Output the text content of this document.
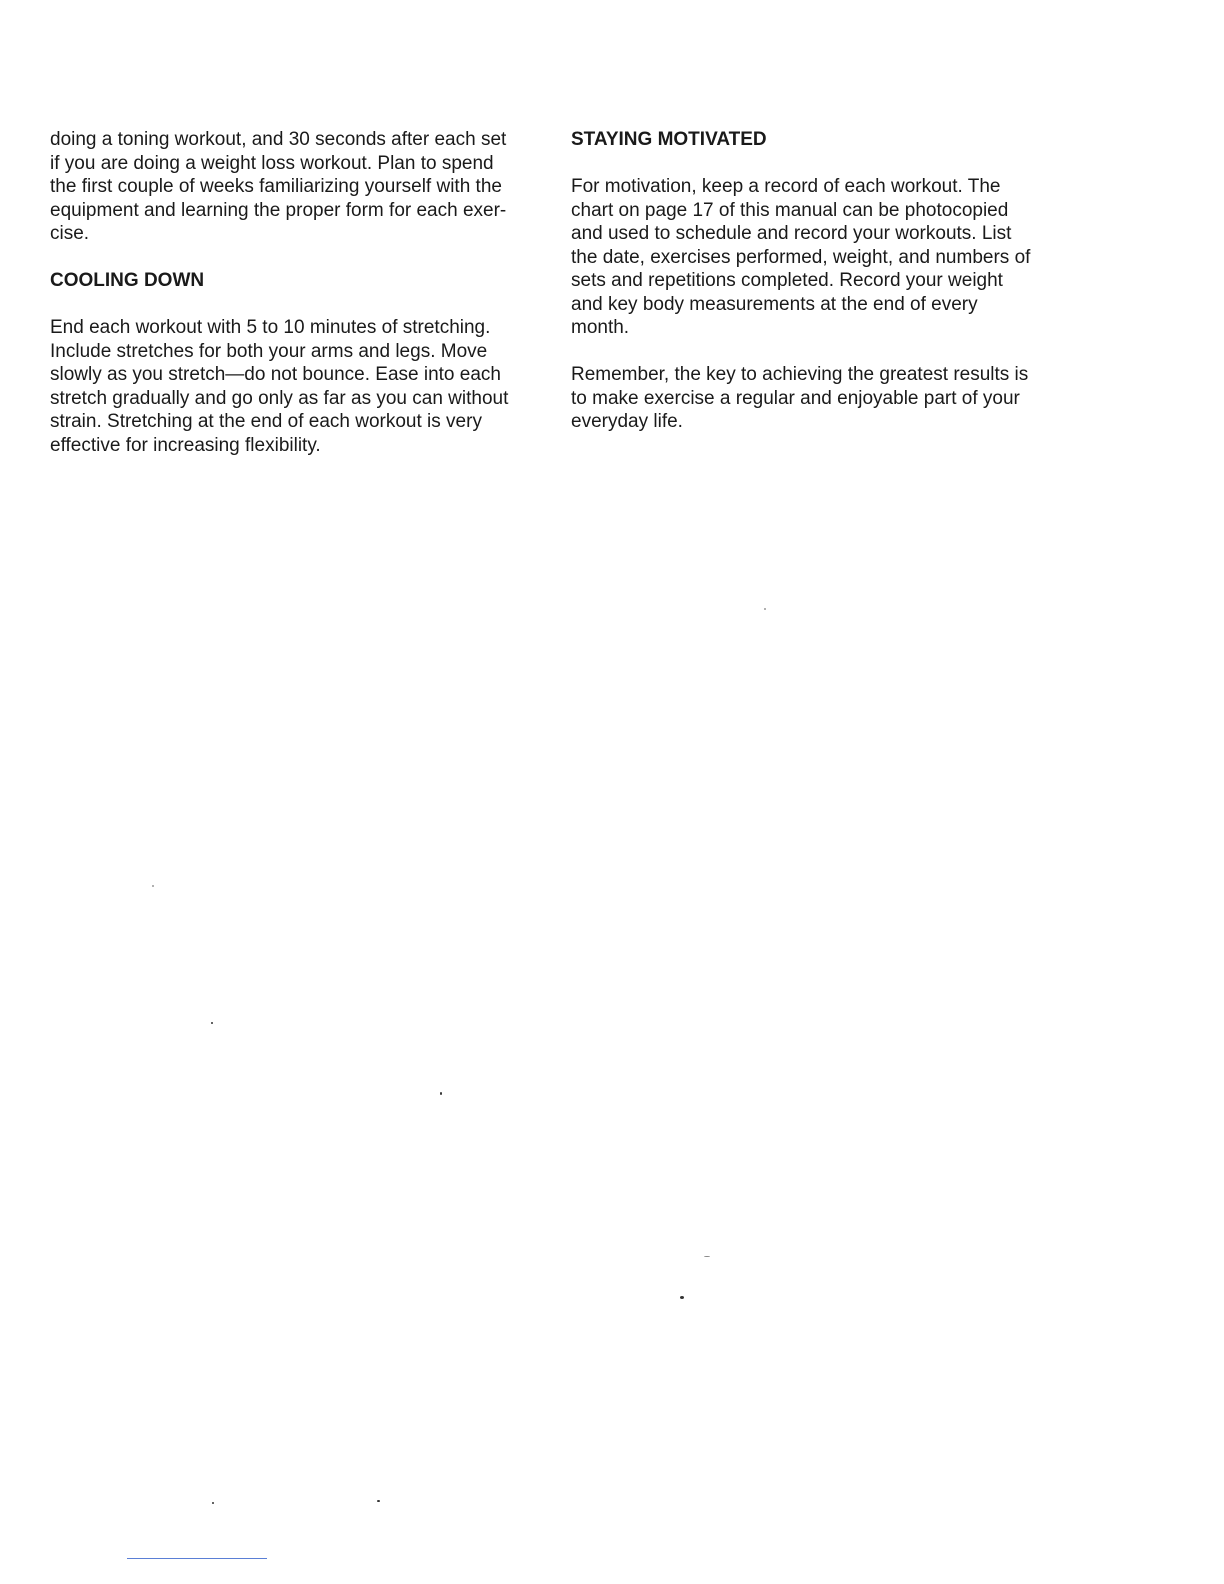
doing a toning workout, and 30 seconds after each set
if you are doing a weight loss workout. Plan to spend
the first couple of weeks familiarizing yourself with the
equipment and learning the proper form for each exer-
cise.

COOLING DOWN

End each workout with 5 to 10 minutes of stretching.
Include stretches for both your arms and legs. Move
slowly as you stretch—do not bounce. Ease into each
stretch gradually and go only as far as you can without
strain. Stretching at the end of each workout is very
effective for increasing flexibility.

STAYING MOTIVATED

For motivation, keep a record of each workout. The
chart on page 17 of this manual can be photocopied
and used to schedule and record your workouts. List
the date, exercises performed, weight, and numbers of
sets and repetitions completed. Record your weight
and key body measurements at the end of every
month.

Remember, the key to achieving the greatest results is
to make exercise a regular and enjoyable part of your
everyday life.
